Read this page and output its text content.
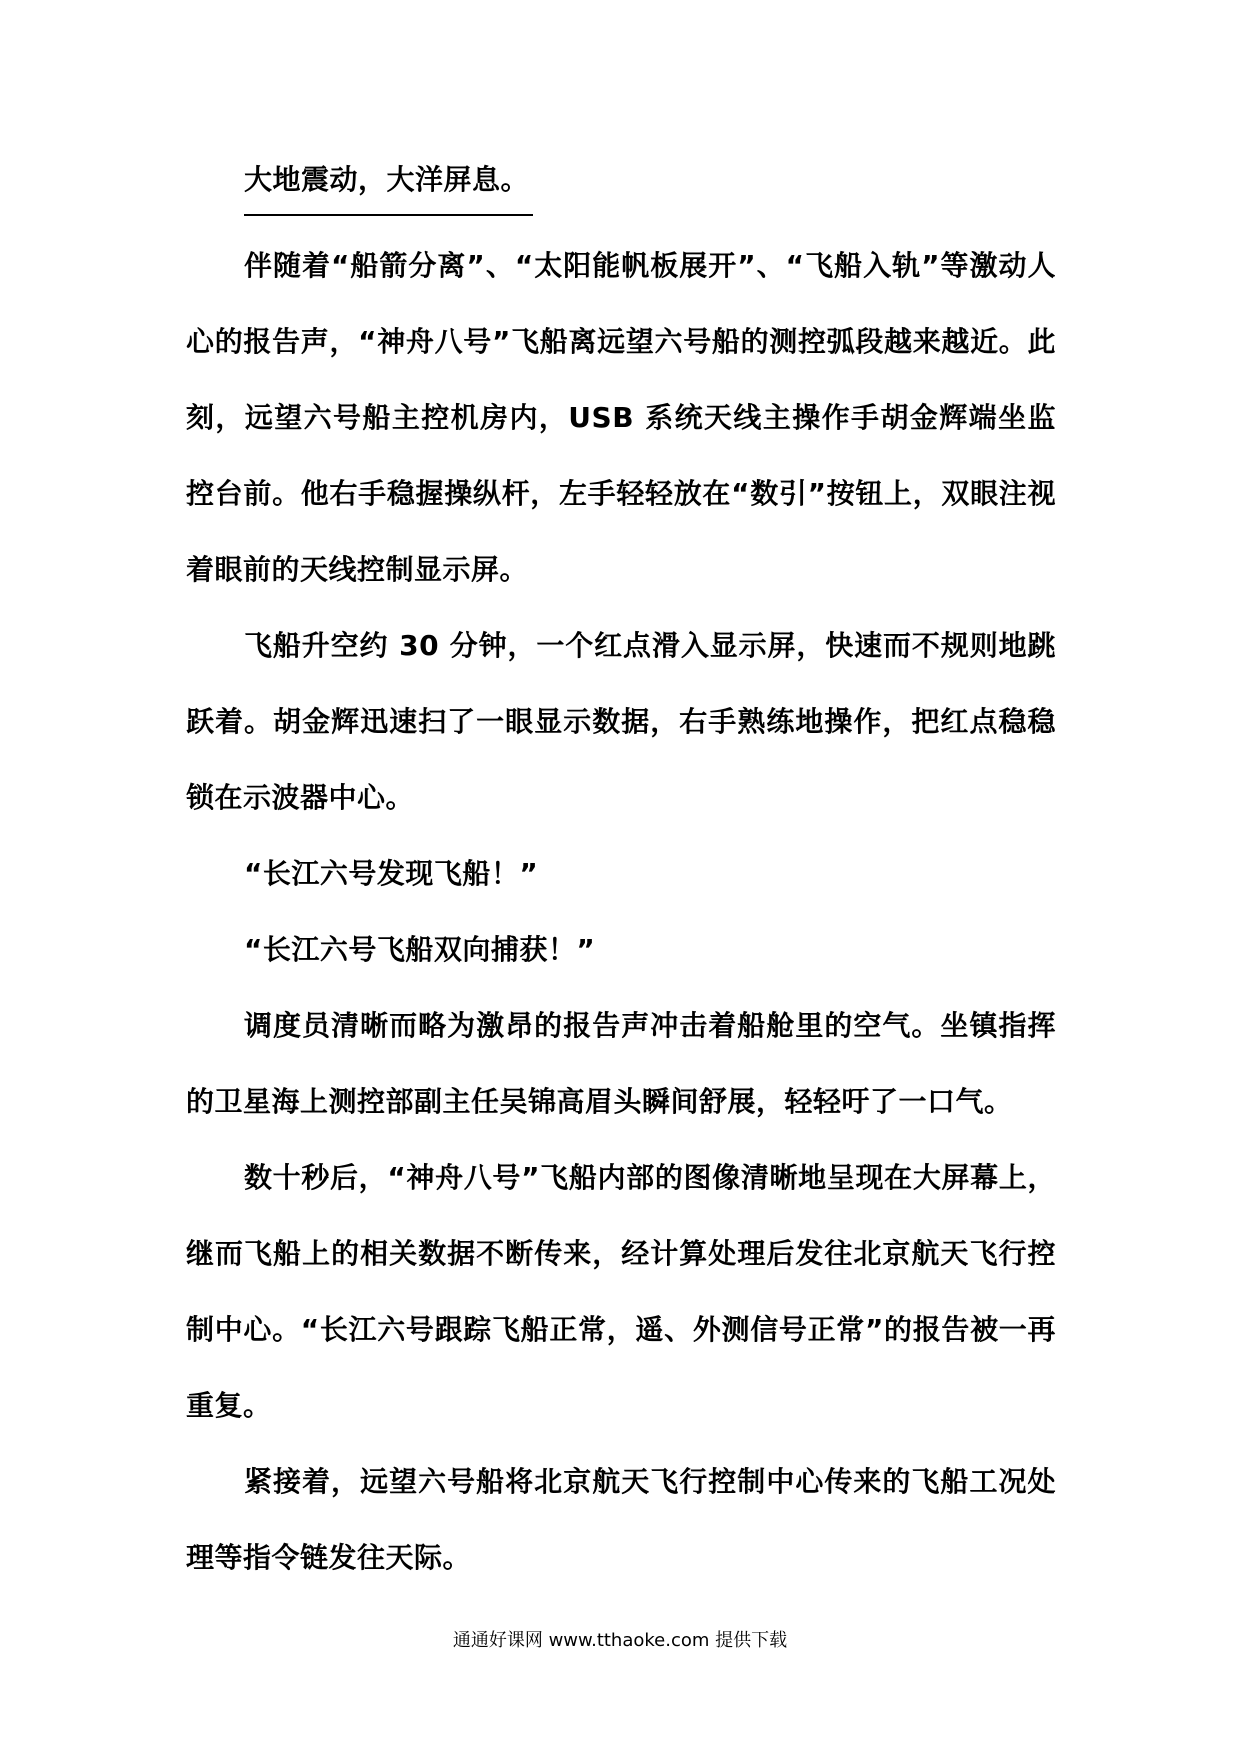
大地震动，大洋屏息。

伴随着“船箭分离”、“太阳能帆板展开”、“飞船入轨”等激动人心的报告声，“神舟八号”飞船离远望六号船的测控弧段越来越近。此刻，远望六号船主控机房内，USB 系统天线主操作手胡金辉端坐监控台前。他右手稳握操纵杆，左手轻轻放在“数引”按钮上，双眼注视着眼前的天线控制显示屏。

飞船升空约 30 分钟，一个红点滑入显示屏，快速而不规则地跳跃着。胡金辉迅速扫了一眼显示数据，右手熟练地操作，把红点稳稳锁在示波器中心。

“长江六号发现飞船！”

“长江六号飞船双向捕获！”

调度员清晰而略为激昂的报告声冲击着船舱里的空气。坐镇指挥的卫星海上测控部副主任吴锦高眉头瞬间舒展，轻轻吁了一口气。

数十秒后，“神舟八号”飞船内部的图像清晰地呈现在大屏幕上，继而飞船上的相关数据不断传来，经计算处理后发往北京航天飞行控制中心。“长江六号跟踪飞船正常，遥、外测信号正常”的报告被一再重复。

紧接着，远望六号船将北京航天飞行控制中心传来的飞船工况处理等指令链发往天际。

通通好课网 www.tthaoke.com 提供下载
